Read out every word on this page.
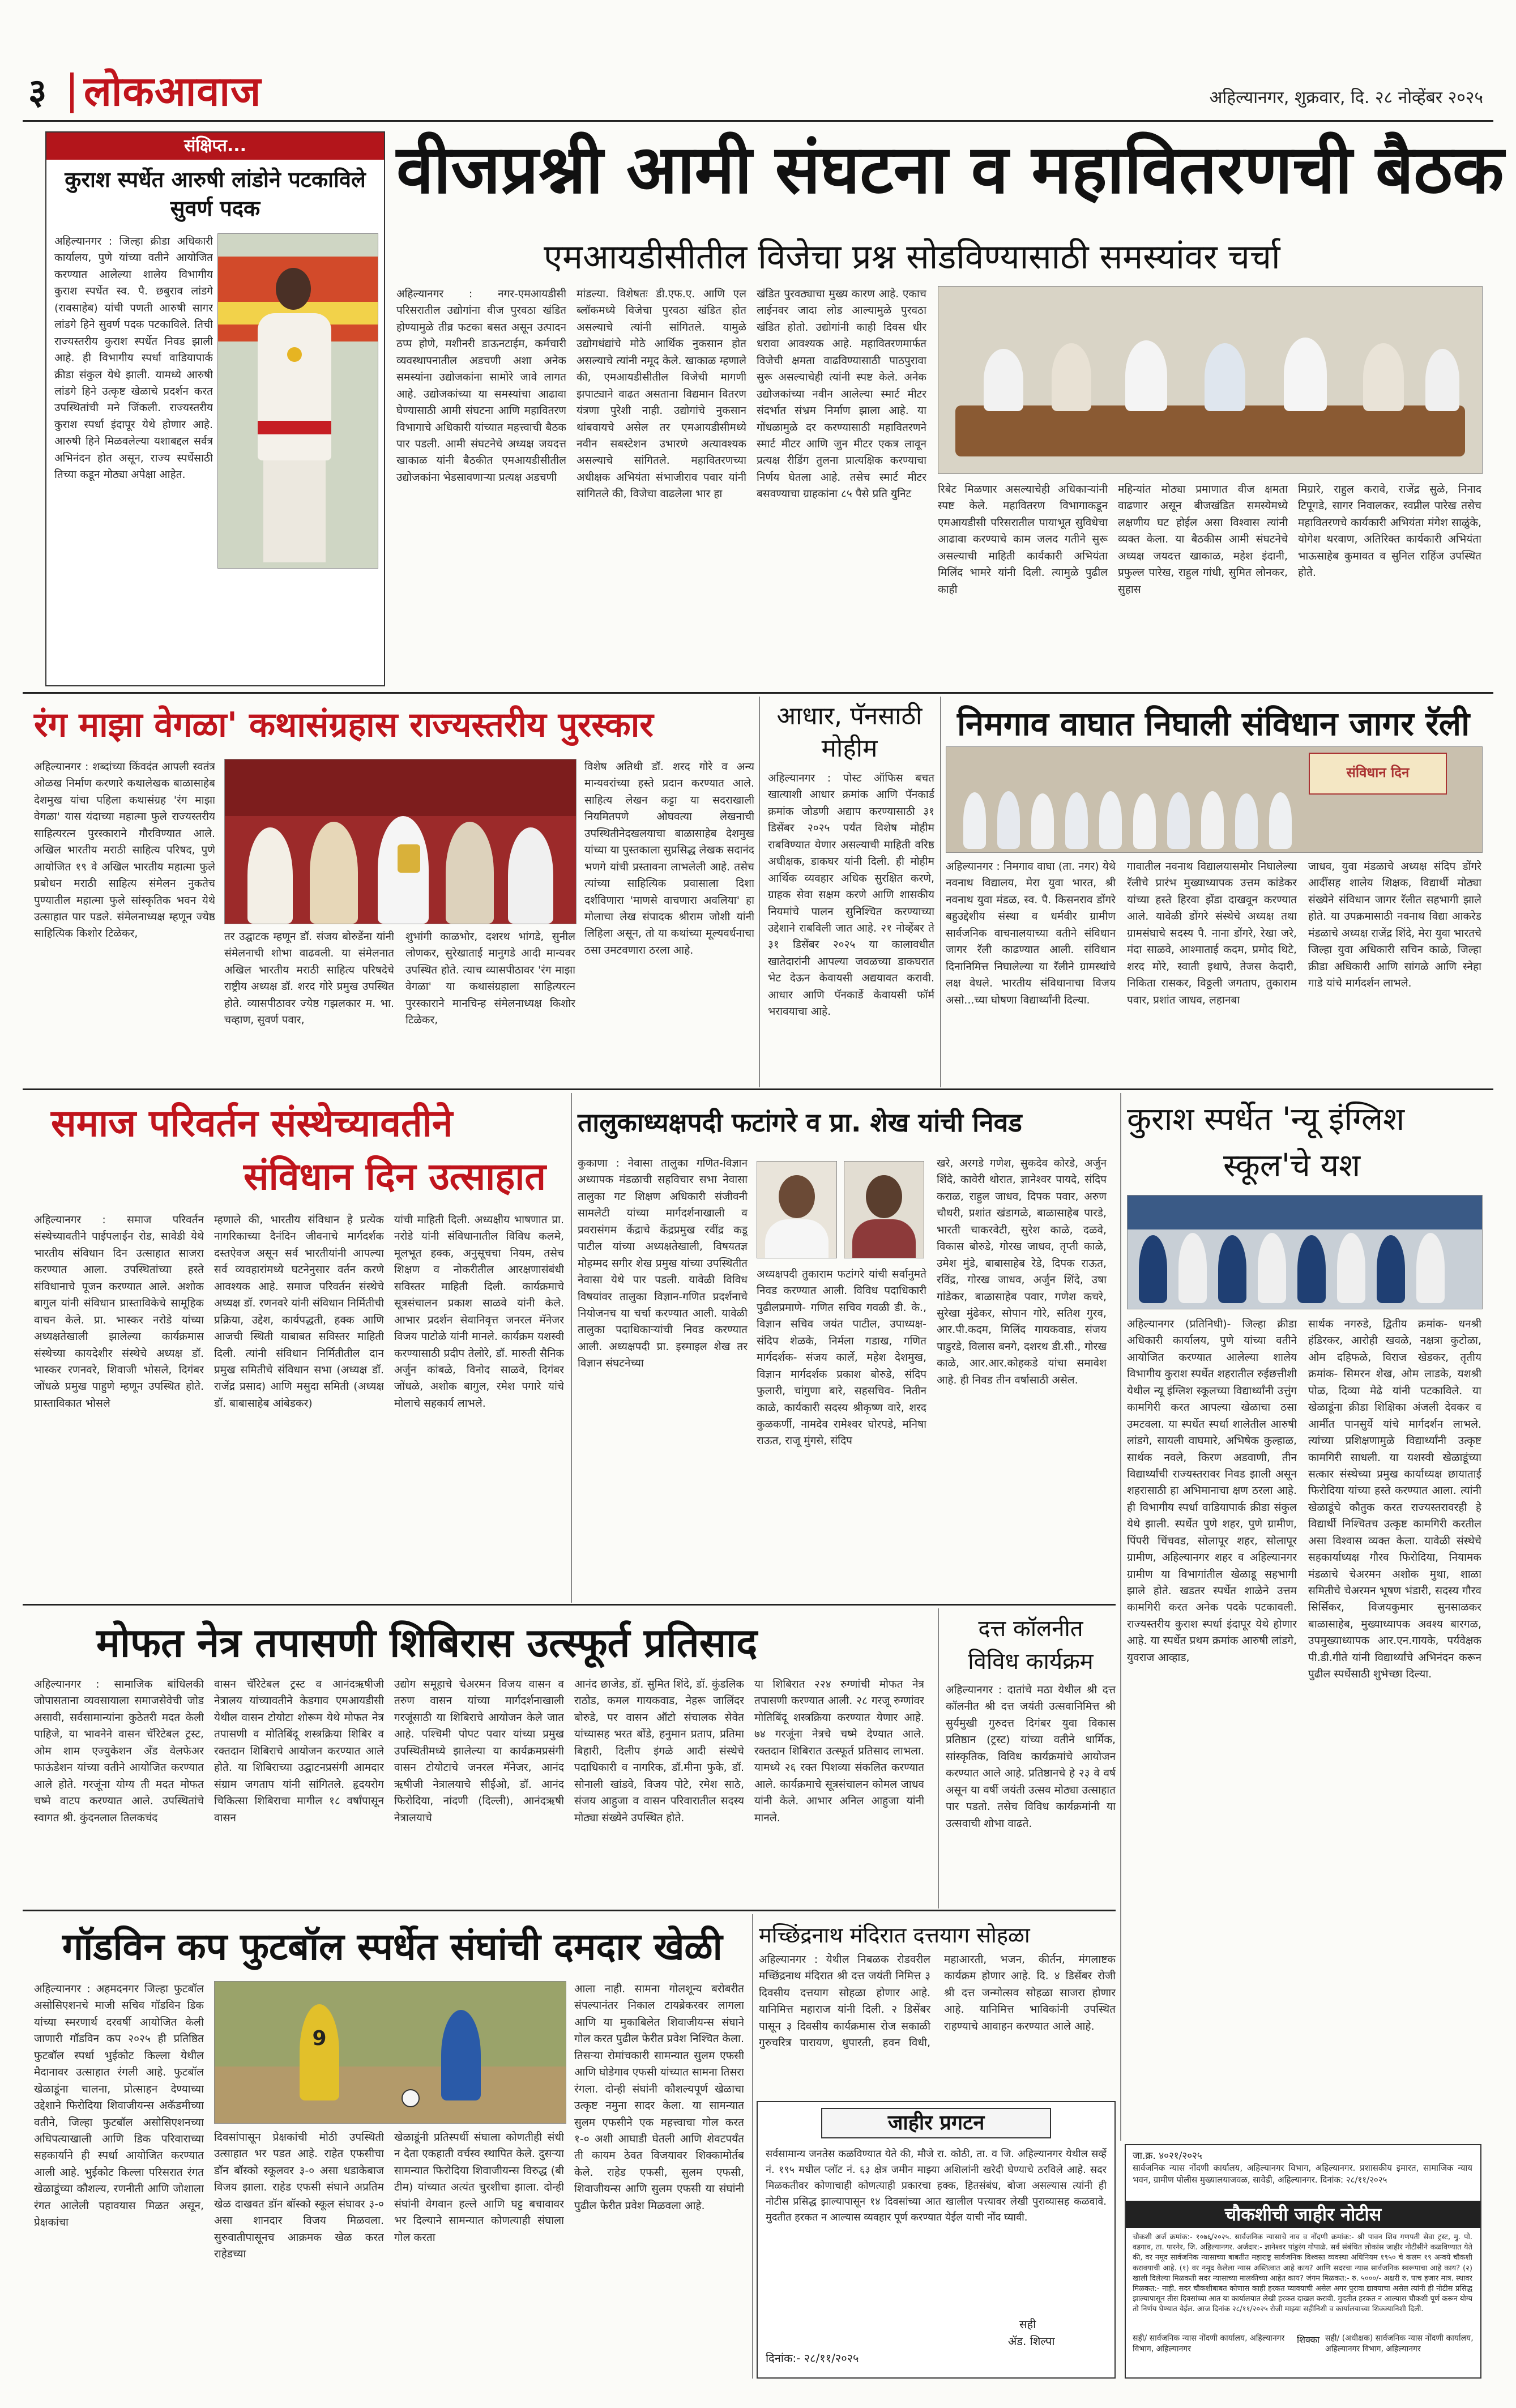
३ लोकआवाज	अहिल्यानगर, शुक्रवार, दि. २८ नोव्हेंबर २०२५
संक्षिप्त...
कुराश स्पर्धेत आरुषी लांडोने पटकाविले सुवर्ण पदक
अहिल्यानगर : जिल्हा क्रीडा अधिकारी कार्यालय, पुणे यांच्या वतीने आयोजित करण्यात आलेल्या शालेय विभागीय कुराश स्पर्धेत स्व. पै. छबुराव लांडगे (रावसाहेब) यांची पणती आरुषी सागर लांडगे हिने सुवर्ण पदक पटकाविले. तिची राज्यस्तरीय कुराश स्पर्धेत निवड झाली आहे. ही विभागीय स्पर्धा वाडियापार्क क्रीडा संकुल येथे झाली. यामध्ये आरुषी लांडगे हिने उत्कृष्ट खेळाचे प्रदर्शन करत उपस्थितांची मने जिंकली. राज्यस्तरीय कुराश स्पर्धा इंदापूर येथे होणार आहे. आरुषी हिने मिळवलेल्या यशाबद्दल सर्वत्र अभिनंदन होत असून, राज्य स्पर्धेसाठी तिच्या कडून मोठ्या अपेक्षा आहेत.
वीजप्रश्नी आमी संघटना व महावितरणची बैठक
एमआयडीसीतील विजेचा प्रश्न सोडविण्यासाठी समस्यांवर चर्चा
अहिल्यानगर : नगर-एमआयडीसी परिसरातील उद्योगांना वीज पुरवठा खंडित होण्यामुळे तीव्र फटका बसत असून उत्पादन ठप्प होणे, मशीनरी डाऊनटाईम, कर्मचारी व्यवस्थापनातील अडचणी अशा अनेक समस्यांना उद्योजकांना सामोरे जावे लागत आहे. उद्योजकांच्या या समस्यांचा आढावा घेण्यासाठी आमी संघटना आणि महावितरण विभागाचे अधिकारी यांच्यात महत्त्वाची बैठक पार पडली. आमी संघटनेचे अध्यक्ष जयदत्त खाकाळ यांनी बैठकीत एमआयडीसीतील उद्योजकांना भेडसावणाऱ्या प्रत्यक्ष अडचणी
मांडल्या. विशेषतः डी.एफ.ए. आणि एल ब्लॉकमध्ये विजेचा पुरवठा खंडित होत असल्याचे त्यांनी सांगितले. यामुळे उद्योगधंद्यांचे मोठे आर्थिक नुकसान होत असल्याचे त्यांनी नमूद केले. खाकाळ म्हणाले की, एमआयडीसीतील विजेची मागणी झपाट्याने वाढत असताना विद्यमान वितरण यंत्रणा पुरेशी नाही. उद्योगांचे नुकसान थांबवायचे असेल तर एमआयडीसीमध्ये नवीन सबस्टेशन उभारणे अत्यावश्यक असल्याचे सांगितले. महावितरणच्या अधीक्षक अभियंता संभाजीराव पवार यांनी सांगितले की, विजेचा वाढलेला भार हा
खंडित पुरवठ्याचा मुख्य कारण आहे. एकाच लाईनवर जादा लोड आल्यामुळे पुरवठा खंडित होतो. उद्योगांनी काही दिवस धीर धरावा आवश्यक आहे. महावितरणमार्फत विजेची क्षमता वाढविण्यासाठी पाठपुरावा सुरू असल्याचेही त्यांनी स्पष्ट केले. अनेक उद्योजकांच्या नवीन आलेल्या स्मार्ट मीटर संदर्भात संभ्रम निर्माण झाला आहे. या गोंधळामुळे दर करण्यासाठी महावितरणने स्मार्ट मीटर आणि जुन मीटर एकत्र लावून प्रत्यक्ष रीडिंग तुलना प्रात्यक्षिक करण्याचा निर्णय घेतला आहे. तसेच स्मार्ट मीटर बसवण्याचा ग्राहकांना ८५ पैसे प्रति युनिट	रिबेट मिळणार असल्याचेही अधिकाऱ्यांनी स्पष्ट केले. महावितरण विभागाकडून एमआयडीसी परिसरातील पायाभूत सुविधेचा आढावा करण्याचे काम जलद गतीने सुरू असल्याची माहिती कार्यकारी अभियंता मिलिंद भामरे यांनी दिली. त्यामुळे पुढील काही
महिन्यांत मोठ्या प्रमाणात वीज क्षमता वाढणार असून बीजखंडित समस्येमध्ये लक्षणीय घट होईल असा विश्वास त्यांनी व्यक्त केला. या बैठकीस आमी संघटनेचे अध्यक्ष जयदत्त खाकाळ, महेश इंदानी, प्रफुल्ल पारेख, राहुल गांधी, सुमित लोनकर, सुहास
मिग्रारे, राहुल करावे, राजेंद्र सुळे, निनाद टिपूगडे, सागर निवालकर, स्वप्नील पारेख तसेच महावितरणचे कार्यकारी अभियंता मंगेश साळुंके, योगेश थरवाण, अतिरिक्त कार्यकारी अभियंता भाऊसाहेब कुमावत व सुनिल राहिंज उपस्थित होते.
रंग माझा वेगळा' कथासंग्रहास राज्यस्तरीय पुरस्कार
अहिल्यानगर : शब्दांच्या किंवदंत आपली स्वतंत्र ओळख निर्माण करणारे कथालेखक बाळासाहेब देशमुख यांचा पहिला कथासंग्रह 'रंग माझा वेगळा' यास यंदाच्या महात्मा फुले राज्यस्तरीय साहित्यरत्न पुरस्काराने गौरविण्यात आले. अखिल भारतीय मराठी साहित्य परिषद, पुणे आयोजित १९ वे अखिल भारतीय महात्मा फुले प्रबोधन मराठी साहित्य संमेलन नुकतेच पुण्यातील महात्मा फुले सांस्कृतिक भवन येथे उत्साहात पार पडले. संमेलनाध्यक्ष म्हणून ज्येष्ठ साहित्यिक किशोर टिळेकर,	तर उद्घाटक म्हणून डॉ. संजय बोरुडेंना यांनी संमेलनाची शोभा वाढवली. या संमेलनात अखिल भारतीय मराठी साहित्य परिषदेचे राष्ट्रीय अध्यक्ष डॉ. शरद गोरे प्रमुख उपस्थित होते. व्यासपीठावर ज्येष्ठ गझलकार म. भा. चव्हाण, सुवर्ण पवार,
शुभांगी काळभोर, दशरथ भांगडे, सुनील लोणकर, सुरेखाताई मानुगडे आदी मान्यवर उपस्थित होते. त्याच व्यासपीठावर 'रंग माझा वेगळा' या कथासंग्रहाला साहित्यरत्न पुरस्काराने मानचिन्ह संमेलनाध्यक्ष किशोर टिळेकर,
विशेष अतिथी डॉ. शरद गोरे व अन्य मान्यवरांच्या हस्ते प्रदान करण्यात आले. साहित्य लेखन कट्टा या सदराखाली नियमितपणे ओघवत्या लेखनाची उपस्थितीनेदखलयाचा बाळासाहेब देशमुख यांच्या या पुस्तकाला सुप्रसिद्ध लेखक सदानंद भणगे यांची प्रस्तावना लाभलेली आहे. तसेच त्यांच्या साहित्यिक प्रवासाला दिशा दर्शविणारा 'माणसे वाचणारा अवलिया' हा मोलाचा लेख संपादक श्रीराम जोशी यांनी लिहिला असून, तो या कथांच्या मूल्यवर्धनाचा ठसा उमटवणारा ठरला आहे.
आधार, पॅनसाठी मोहीम
अहिल्यानगर : पोस्ट ऑफिस बचत खात्याशी आधार क्रमांक आणि पॅनकार्ड क्रमांक जोडणी अद्याप करण्यासाठी ३१ डिसेंबर २०२५ पर्यंत विशेष मोहीम राबविण्यात येणार असल्याची माहिती वरिष्ठ अधीक्षक, डाकघर यांनी दिली. ही मोहीम आर्थिक व्यवहार अधिक सुरक्षित करणे, ग्राहक सेवा सक्षम करणे आणि शासकीय नियमांचे पालन सुनिश्चित करण्याच्या उद्देशाने राबविली जात आहे. २१ नोव्हेंबर ते ३१ डिसेंबर २०२५ या कालावधीत खातेदारांनी आपल्या जवळच्या डाकघरात भेट देऊन केवायसी अद्ययावत करावी. आधार आणि पॅनकार्डे केवायसी फॉर्म भरावयाचा आहे.
निमगाव वाघात निघाली संविधान जागर रॅली
संविधान दिन
अहिल्यानगर : निमगाव वाघा (ता. नगर) येथे नवनाथ विद्यालय, मेरा युवा भारत, श्री नवनाथ युवा मंडळ, स्व. पै. किसनराव डोंगरे बहुउद्देशीय संस्था व धर्मवीर ग्रामीण सार्वजनिक वाचनालयाच्या वतीने संविधान जागर रॅली काढण्यात आली. संविधान दिनानिमित्त निघालेल्या या रॅलीने ग्रामस्थांचे लक्ष वेधले. भारतीय संविधानाचा विजय असो...च्या घोषणा विद्यार्थ्यांनी दिल्या.
गावातील नवनाथ विद्यालयासमोर निघालेल्या रॅलीचे प्रारंभ मुख्याध्यापक उत्तम कांडेकर यांच्या हस्ते हिरवा झेंडा दाखवून करण्यात आले. यावेळी डोंगरे संस्थेचे अध्यक्ष तथा ग्रामसंघाचे सदस्य पै. नाना डोंगरे, रेखा जरे, मंदा साळवे, आश्माताई कदम, प्रमोद थिटे, शरद मोरे, स्वाती इथापे, तेजस केदारी, निकिता रासकर, विठ्ठली जगताप, तुकाराम पवार, प्रशांत जाधव, लहानबा
जाधव, युवा मंडळाचे अध्यक्ष संदिप डोंगरे आदींसह शालेय शिक्षक, विद्यार्थी मोठ्या संख्येने संविधान जागर रॅलीत सहभागी झाले होते. या उपक्रमासाठी नवनाथ विद्या आकरेड मंडळाचे अध्यक्ष राजेंद्र शिंदे, मेरा युवा भारतचे जिल्हा युवा अधिकारी सचिन काळे, जिल्हा क्रीडा अधिकारी आणि सांगळे आणि स्नेहा गाडे यांचे मार्गदर्शन लाभले.
समाज परिवर्तन संस्थेच्यावतीने
संविधान दिन उत्साहात
अहिल्यानगर : समाज परिवर्तन संस्थेच्यावतीने पाईपलाईन रोड, सावेडी येथे भारतीय संविधान दिन उत्साहात साजरा करण्यात आला. उपस्थितांच्या हस्ते संविधानाचे पूजन करण्यात आले. अशोक बागुल यांनी संविधान प्रास्ताविकेचे सामूहिक वाचन केले. प्रा. भास्कर नरोडे यांच्या अध्यक्षतेखाली झालेल्या कार्यक्रमास संस्थेच्या कायदेशीर संस्थेचे अध्यक्ष डॉ. भास्कर रणनवरे, शिवाजी भोसले, दिगंबर जोंधळे प्रमुख पाहुणे म्हणून उपस्थित होते. प्रास्ताविकात भोसले
म्हणाले की, भारतीय संविधान हे प्रत्येक नागरिकाच्या दैनंदिन जीवनाचे मार्गदर्शक दस्तऐवज असून सर्व भारतीयांनी आपल्या सर्व व्यवहारांमध्ये घटनेनुसार वर्तन करणे आवश्यक आहे. समाज परिवर्तन संस्थेचे अध्यक्ष डॉ. रणनवरे यांनी संविधान निर्मितीची प्रक्रिया, उद्देश, कार्यपद्धती, हक्क आणि आजची स्थिती याबाबत सविस्तर माहिती दिली. त्यांनी संविधान निर्मितीतील दान प्रमुख समितीचे संविधान सभा (अध्यक्ष डॉ. राजेंद्र प्रसाद) आणि मसुदा समिती (अध्यक्ष डॉ. बाबासाहेब आंबेडकर)
यांची माहिती दिली. अध्यक्षीय भाषणात प्रा. नरोडे यांनी संविधानातील विविध कलमे, मूलभूत हक्क, अनुसूचचा नियम, तसेच शिक्षण व नोकरीतील आरक्षणासंबंधी सविस्तर माहिती दिली. कार्यक्रमाचे सूत्रसंचालन प्रकाश साळवे यांनी केले. आभार प्रदर्शन सेवानिवृत्त जनरल मॅनेजर विजय पाटोळे यांनी मानले. कार्यक्रम यशस्वी करण्यासाठी प्रदीप तेलोरे, डॉ. मारुती सैनिक अर्जुन कांबळे, विनोद साळवे, दिगंबर जोंधळे, अशोक बागुल, रमेश पगारे यांचे मोलाचे सहकार्य लाभले.
तालुकाध्यक्षपदी फटांगरे व प्रा. शेख यांची निवड
कुकाणा : नेवासा तालुका गणित-विज्ञान अध्यापक मंडळाची सहविचार सभा नेवासा तालुका गट शिक्षण अधिकारी संजीवनी सामलेटी यांच्या मार्गदर्शनाखाली व प्रवरासंगम केंद्राचे केंद्रप्रमुख रवींद्र कडू पाटील यांच्या अध्यक्षतेखाली, विषयतज्ञ मोहम्मद सगीर शेख प्रमुख यांच्या उपस्थितीत नेवासा येथे पार पडली. यावेळी विविध विषयांवर तालुका विज्ञान-गणित प्रदर्शनाचे नियोजनच या चर्चा करण्यात आली. यावेळी तालुका पदाधिकाऱ्यांची निवड करण्यात आली. अध्यक्षपदी प्रा. इस्माइल शेख तर विज्ञान संघटनेच्या
अध्यक्षपदी तुकाराम फटांगरे यांची सर्वानुमते निवड करण्यात आली. विविध पदाधिकारी पुढीलप्रमाणे- गणित सचिव गवळी डी. के., विज्ञान सचिव जयंत पाटील, उपाध्यक्ष- संदिप शेळके, निर्मला गडाख, गणित मार्गदर्शक- संजय कार्ले, महेश देशमुख, विज्ञान मार्गदर्शक प्रकाश बोरुडे, संदिप फुलारी, चांगुणा बारे, सहसचिव- नितीन काळे, कार्यकारी सदस्य श्रीकृष्ण वारे, शरद कुळकर्णी, नामदेव रामेश्वर घोरपडे, मनिषा राऊत, राजू मुंगसे, संदिप
खरे, अरगडे गणेश, सुकदेव कोरडे, अर्जुन शिंदे, कावेरी थोरात, ज्ञानेश्वर पायदे, संदिप कराळ, राहुल जाधव, दिपक पवार, अरुण चौधरी, प्रशांत खंडागळे, बाळासाहेब पारडे, भारती चाकरवेटी, सुरेश काळे, दळवे, विकास बोरुडे, गोरख जाधव, तृप्ती काळे, उमेश मुंडे, बाबासाहेब रेडे, दिपक राऊत, रविंद्र, गोरख जाधव, अर्जुन शिंदे, उषा गांडेकर, बाळासाहेब पवार, गणेश कचरे, सुरेखा मुंढेकर, सोपान गोरे, सतिश गुरव, आर.पी.कदम, मिलिंद गायकवाड, संजय पाडुरडे, विलास बनगे, दशरथ डी.सी., गोरख काळे, आर.आर.कोहकडे यांचा समावेश आहे. ही निवड तीन वर्षासाठी असेल.
कुराश स्पर्धेत 'न्यू इंग्लिश
स्कूल'चे यश
अहिल्यानगर (प्रतिनिधी)- जिल्हा क्रीडा अधिकारी कार्यालय, पुणे यांच्या वतीने आयोजित करण्यात आलेल्या शालेय विभागीय कुराश स्पर्धेत शहरातील रुईछत्तीशी येथील न्यू इंग्लिश स्कूलच्या विद्यार्थ्यांनी उत्तुंग कामगिरी करत आपल्या खेळाचा ठसा उमटवला. या स्पर्धेत स्पर्धा शालेतील आरुषी लांडगे, सायली वाघमारे, अभिषेक कुल्हाळ, सार्थक नवले, किरण अडवाणी, तीन विद्यार्थ्यांची राज्यस्तरावर निवड झाली असून शहरासाठी हा अभिमानाचा क्षण ठरला आहे. ही विभागीय स्पर्धा वाडियापार्क क्रीडा संकुल येथे झाली. स्पर्धेत पुणे शहर, पुणे ग्रामीण, पिंपरी चिंचवड, सोलापूर शहर, सोलापूर ग्रामीण, अहिल्यानगर शहर व अहिल्यानगर ग्रामीण या विभागांतील खेळाडू सहभागी झाले होते. खडतर स्पर्धेत शाळेने उत्तम कामगिरी करत अनेक पदके पटकावली. राज्यस्तरीय कुराश स्पर्धा इंदापूर येथे होणार आहे. या स्पर्धेत प्रथम क्रमांक आरुषी लांडगे, युवराज आव्हाड,
सार्थक नगरुडे, द्वितीय क्रमांक- धनश्री हंडिरकर, आरोही खवळे, नक्षत्रा कुटोळा, ओम दहिफळे, विराज खेडकर, तृतीय क्रमांक- सिमरन शेख, ओम लाडके, यशश्री पोळ, दिव्या मेढे यांनी पटकाविले. या खेळाडूंना क्रीडा शिक्षिका अंजली देवकर व आर्मीत पानसुर्ये यांचे मार्गदर्शन लाभले. त्यांच्या प्रशिक्षणामुळे विद्यार्थ्यांनी उत्कृष्ट कामगिरी साधली. या यशस्वी खेळाडूंच्या सत्कार संस्थेच्या प्रमुख कार्याध्यक्ष छायाताई फिरोदिया यांच्या हस्ते करण्यात आला. त्यांनी खेळाडूंचे कौतुक करत राज्यस्तरावरही हे विद्यार्थी निश्चितच उत्कृष्ट कामगिरी करतील असा विश्वास व्यक्त केला. यावेळी संस्थेचे सहकार्याध्यक्ष गौरव फिरोदिया, नियामक मंडळाचे चेअरमन अशोक मुथा, शाळा समितीचे चेअरमन भूषण भंडारी, सदस्य गौरव सिर्सिकर, विजयकुमार सुनसाळकर बाळासाहेब, मुख्याध्यापक अवश्य बारगळ, उपमुख्याध्यापक आर.एन.गायके, पर्यवेक्षक पी.डी.गीते यांनी विद्यार्थ्यांचे अभिनंदन करून पुढील स्पर्धेसाठी शुभेच्छा दिल्या.
मोफत नेत्र तपासणी शिबिरास उत्स्फूर्त प्रतिसाद
अहिल्यानगर : सामाजिक बांधिलकी जोपासताना व्यवसायाला समाजसेवेची जोड असावी, सर्वसामान्यांना कुठेतरी मदत केली पाहिजे, या भावनेने वासन चॅरिटेबल ट्रस्ट, ओम शाम एज्युकेशन अँड वेलफेअर फाऊंडेशन यांच्या वतीने आयोजित करण्यात आले होते. गरजूंना योग्य ती मदत मोफत चष्मे वाटप करण्यात आले. उपस्थितांचे स्वागत श्री. कुंदनलाल तिलकचंद
वासन चॅरिटेबल ट्रस्ट व आनंदऋषीजी नेत्रालय यांच्यावतीने केडगाव एमआयडीसी येथील वासन टोयोटा शोरूम येथे मोफत नेत्र तपासणी व मोतिबिंदू शस्त्रक्रिया शिबिर व रक्तदान शिबिराचे आयोजन करण्यात आले होते. या शिबिराच्या उद्घाटनप्रसंगी आमदार संग्राम जगताप यांनी सांगितले. हृदयरोग चिकित्सा शिबिराचा मागील १८ वर्षांपासून वासन
उद्योग समूहाचे चेअरमन विजय वासन व तरुण वासन यांच्या मार्गदर्शनाखाली गरजूंसाठी या शिबिराचे आयोजन केले जात आहे. पश्चिमी पोपट पवार यांच्या प्रमुख उपस्थितीमध्ये झालेल्या या कार्यक्रमप्रसंगी वासन टोयोटाचे जनरल मॅनेजर, आनंद ऋषीजी नेत्रालयाचे सीईओ, डॉ. आनंद फिरोदिया, नांदणी (दिल्ली), आनंदऋषी नेत्रालयाचे
आनंद छाजेड, डॉ. सुमित शिंदे, डॉ. कुंडलिक राठोड, कमल गायकवाड, नेहरू जालिंदर बोरुडे, पर वासन ऑटो संचालक सेवेत यांच्यासह भरत बोंडे, हनुमान प्रताप, प्रतिमा बिहारी, दिलीप इंगळे आदी संस्थेचे पदाधिकारी व नागरिक, डॉ.मीना फुके, डॉ. सोनाली खांडवे, विजय पोटे, रमेश साठे, संजय आहुजा व वासन परिवारातील सदस्य मोठ्या संख्येने उपस्थित होते.
या शिबिरात २२४ रुग्णांची मोफत नेत्र तपासणी करण्यात आली. २८ गरजू रुग्णांवर मोतिबिंदू शस्त्रक्रिया करण्यात येणार आहे. ७४ गरजूंना नेत्रचे चष्मे देण्यात आले. रक्तदान शिबिरात उत्स्फूर्त प्रतिसाद लाभला. यामध्ये २६ रक्त पिशव्या संकलित करण्यात आले. कार्यक्रमाचे सूत्रसंचालन कोमल जाधव यांनी केले. आभार अनिल आहुजा यांनी मानले.
दत्त कॉलनीत
विविध कार्यक्रम
अहिल्यानगर : दातांचे मठा येथील श्री दत्त कॉलनीत श्री दत्त जयंती उत्सवानिमित्त श्री सुर्यमुखी गुरुदत्त दिगंबर युवा विकास प्रतिष्ठान (ट्रस्ट) यांच्या वतीने धार्मिक, सांस्कृतिक, विविध कार्यक्रमांचे आयोजन करण्यात आले आहे. प्रतिष्ठानचे हे २३ वे वर्ष असून या वर्षी जयंती उत्सव मोठ्या उत्साहात पार पडतो. तसेच विविध कार्यक्रमांनी या उत्सवाची शोभा वाढते.
गॉडविन कप फुटबॉल स्पर्धेत संघांची दमदार खेळी
अहिल्यानगर : अहमदनगर जिल्हा फुटबॉल असोसिएशनचे माजी सचिव गॉडविन डिक यांच्या स्मरणार्थ दरवर्षी आयोजित केली जाणारी गॉडविन कप २०२५ ही प्रतिष्ठित फुटबॉल स्पर्धा भुईकोट किल्ला येथील मैदानावर उत्साहात रंगली आहे. फुटबॉल खेळाडूंना चालना, प्रोत्साहन देण्याच्या उद्देशाने फिरोदिया शिवाजीयन्स अकॅडमीच्या वतीने, जिल्हा फुटबॉल असोसिएशनच्या अधिपत्याखाली आणि डिक परिवाराच्या सहकार्याने ही स्पर्धा आयोजित करण्यात आली आहे. भुईकोट किल्ला परिसरात रंगत खेळाडूंच्या कौशल्य, रणनीती आणि जोशाला रंगत आलेली पहावयास मिळत असून, प्रेक्षकांचा
9
दिवसांपासून प्रेक्षकांची मोठी उपस्थिती उत्साहात भर पडत आहे. राहेत एफसीचा डॉन बॉस्को स्कूलवर ३-० असा धडाकेबाज विजय झाला. राहेड एफसी संघाने अप्रतिम खेळ दाखवत डॉन बॉस्को स्कूल संघावर ३-० असा शानदार विजय मिळवला. सुरुवातीपासूनच आक्रमक खेळ करत राहेडच्या
खेळाडूंनी प्रतिस्पर्धी संघाला कोणतीही संधी न देता एकहाती वर्चस्व स्थापित केले. दुसऱ्या सामन्यात फिरोदिया शिवाजीयन्स विरुद्ध (बी टीम) यांच्यात अत्यंत चुरशीचा झाला. दोन्ही संघांनी वेगवान हल्ले आणि घट्ट बचावावर भर दिल्याने सामन्यात कोणत्याही संघाला गोल करता
आला नाही. सामना गोलशून्य बरोबरीत संपल्यानंतर निकाल टायब्रेकरवर लागला आणि या मुकाबिलेत शिवाजीयन्स संघाने गोल करत पुढील फेरीत प्रवेश निश्चित केला. तिसऱ्या रोमांचकारी सामन्यात सुलम एफसी आणि घोडेगाव एफसी यांच्यात सामना तिसरा रंगला. दोन्ही संघांनी कौशल्यपूर्ण खेळाचा उत्कृष्ट नमुना सादर केला. या सामन्यात सुलम एफसीने एक महत्त्वाचा गोल करत १-० अशी आघाडी घेतली आणि शेवटपर्यंत ती कायम ठेवत विजयावर शिक्कामोर्तब केले. राहेड एफसी, सुलम एफसी, शिवाजीयन्स आणि सुलम एफसी या संघांनी पुढील फेरीत प्रवेश मिळवला आहे.
मच्छिंद्रनाथ मंदिरात दत्तयाग सोहळा
अहिल्यानगर : येथील निबळक रोडवरील मच्छिंद्रनाथ मंदिरात श्री दत्त जयंती निमित्त ३ दिवसीय दत्तयाग सोहळा होणार आहे. यानिमित्त महाराज यांनी दिली. २ डिसेंबर पासून ३ दिवसीय कार्यक्रमास रोज सकाळी गुरुचरित्र पारायण, धुपारती, हवन विधी, महाआरती, भजन, कीर्तन, मंगलाष्टक कार्यक्रम होणार आहे. दि. ४ डिसेंबर रोजी श्री दत्त जन्मोत्सव सोहळा साजरा होणार आहे. यानिमित्त भाविकांनी उपस्थित राहण्याचे आवाहन करण्यात आले आहे.
जाहीर प्रगटन
सर्वसामान्य जनतेस कळविण्यात येते की, मौजे रा. कोठी, ता. व जि. अहिल्यानगर येथील सर्व्हे नं. १९५ मधील प्लॉट नं. ६३ क्षेत्र जमीन माझ्या अशिलांनी खरेदी घेण्याचे ठरविले आहे. सदर मिळकतीवर कोणाचाही कोणत्याही प्रकारचा हक्क, हितसंबंध, बोजा असल्यास त्यांनी ही नोटीस प्रसिद्ध झाल्यापासून १४ दिवसांच्या आत खालील पत्त्यावर लेखी पुराव्यासह कळवावे. मुदतीत हरकत न आल्यास व्यवहार पूर्ण करण्यात येईल याची नोंद घ्यावी.
सही
ॲड. शिल्पा
दिनांक:- २८/११/२०२५
जा.क्र. ४०२१/२०२५
सार्वजनिक न्यास नोंदणी कार्यालय, अहिल्यानगर विभाग, अहिल्यानगर. प्रशासकीय इमारत, सामाजिक न्याय भवन, ग्रामीण पोलीस मुख्यालयाजवळ, सावेडी, अहिल्यानगर. दिनांक: २८/११/२०२५
चौकशीची जाहीर नोटीस
चौकशी अर्ज क्रमांक:- १०७६/२०२५. सार्वजनिक न्यासाचे नाव व नोंदणी क्रमांक:- श्री पावन शिव गणपती सेवा ट्रस्ट, मु. पो. वडगाव, ता. पारनेर, जि. अहिल्यानगर. अर्जदार:- ज्ञानेश्वर पांडुरंग गोपाळे. सर्व संबंधित लोकांस जाहीर नोटीसीने कळविण्यात येते की, वर नमूद सार्वजनिक न्यासाच्या बाबतीत महाराष्ट्र सार्वजनिक विश्वस्त व्यवस्था अधिनियम १९५० चे कलम १९ अन्वये चौकशी करावयाची आहे. (१) वर नमूद केलेला न्यास अस्तित्वात आहे काय? आणि सदरचा न्यास सार्वजनिक स्वरूपाचा आहे काय? (२) खाली दिलेल्या मिळकती सदर न्यासाच्या मालकीच्या आहेत काय? जंगम मिळकत:- रु. ५०००/- अक्षरी रु. पाच हजार मात्र. स्थावर मिळकत:- नाही. सदर चौकशीबाबत कोणास काही हरकत घ्यावयाची असेल अगर पुरावा द्यावयाचा असेल त्यांनी ही नोटीस प्रसिद्ध झाल्यापासून तीस दिवसांच्या आत या कार्यालयात लेखी हरकत दाखल करावी. मुदतीत हरकत न आल्यास चौकशी पूर्ण करून योग्य तो निर्णय घेण्यात येईल. आज दिनांक २८/११/२०२५ रोजी माझ्या सहीनिशी व कार्यालयाच्या शिक्क्यानिशी दिली.
शिक्का
सही/ सार्वजनिक न्यास नोंदणी कार्यालय, अहिल्यानगर विभाग, अहिल्यानगर
सही/ (अधीक्षक) सार्वजनिक न्यास नोंदणी कार्यालय, अहिल्यानगर विभाग, अहिल्यानगर
